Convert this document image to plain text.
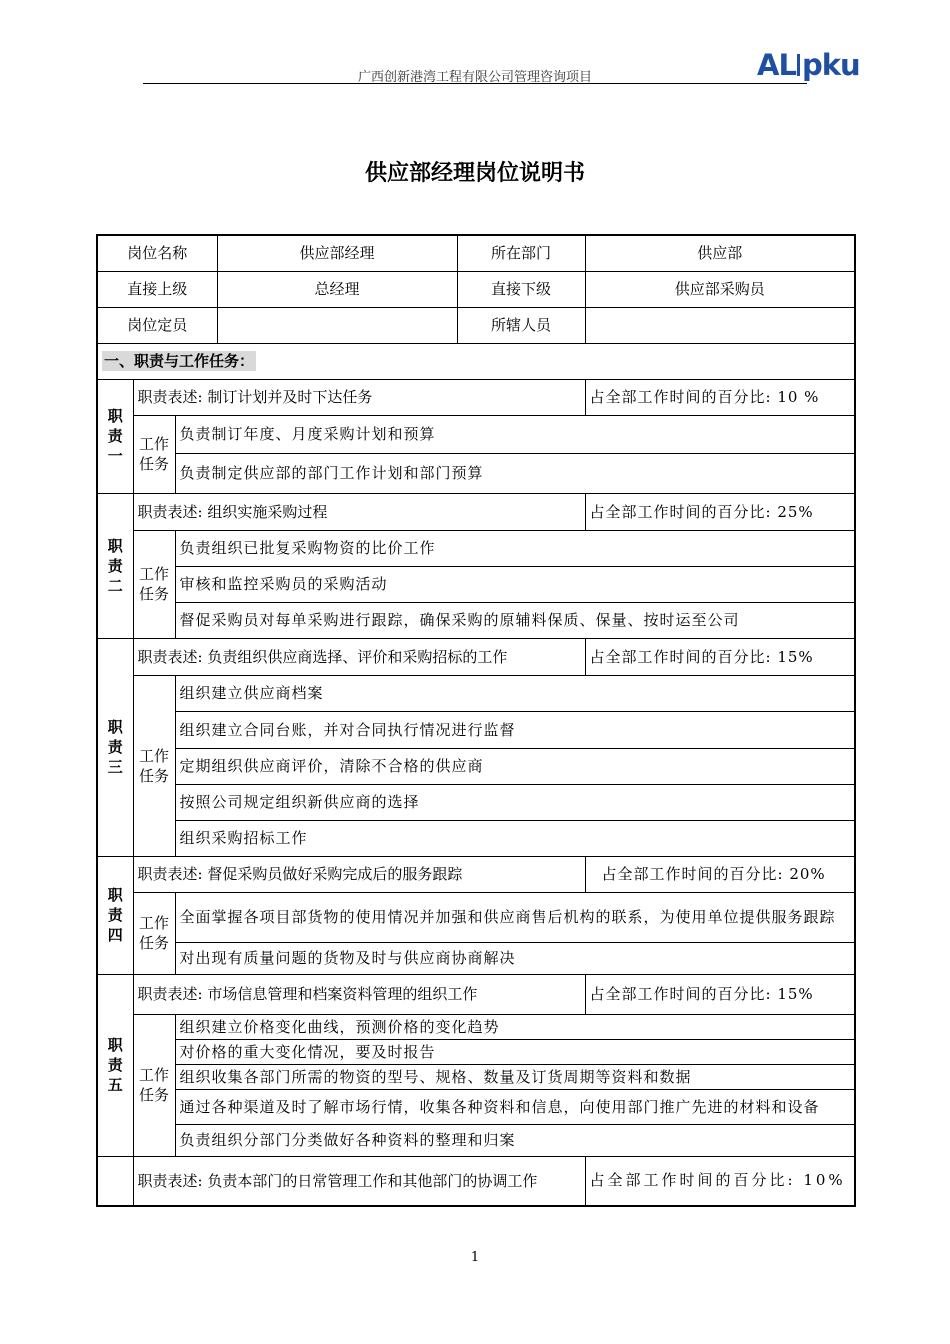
广西创新港湾工程有限公司管理咨询项目	AL pku
供应部经理岗位说明书
岗位名称			供应部经理	所在部门	供应部
直接上级			总经理	直接下级	供应部采购员
岗位定员				所辖人员	
一、职责与工作任务：					

职
责
一	职责表述: 制订计划并及时下达任务				占全部工作时间的百分比: 10 %

	工作
任务	负责制订年度、月度采购计划和预算			
		负责制定供应部的部门工作计划和部门预算			

职
责
二	职责表述: 组织实施采购过程				占全部工作时间的百分比: 25%

	工作
任务	负责组织已批复采购物资的比价工作			
		审核和监控采购员的采购活动			
		督促采购员对每单采购进行跟踪，确保采购的原辅料保质、保量、按时运至公司			

职
责
三	职责表述: 负责组织供应商选择、评价和采购招标的工作				占全部工作时间的百分比: 15%

	工作
任务	组织建立供应商档案			
		组织建立合同台账，并对合同执行情况进行监督			
		定期组织供应商评价，清除不合格的供应商			
		按照公司规定组织新供应商的选择			
		组织采购招标工作			

职
责
四	职责表述: 督促采购员做好采购完成后的服务跟踪				占全部工作时间的百分比: 20%

	工作
任务	全面掌握各项目部货物的使用情况并加强和供应商售后机构的联系，为使用单位提供服务跟踪			
		对出现有质量问题的货物及时与供应商协商解决			

职
责
五	职责表述: 市场信息管理和档案资料管理的组织工作				占全部工作时间的百分比: 15%

	工作
任务	组织建立价格变化曲线，预测价格的变化趋势			
		对价格的重大变化情况，要及时报告			
		组织收集各部门所需的物资的型号、规格、数量及订货周期等资料和数据			
		通过各种渠道及时了解市场行情，收集各种资料和信息，向使用部门推广先进的材料和设备			
		负责组织分部门分类做好各种资料的整理和归案			

	职责表述: 负责本部门的日常管理工作和其他部门的协调工作				占全部工作时间的百分比: 10%
1
